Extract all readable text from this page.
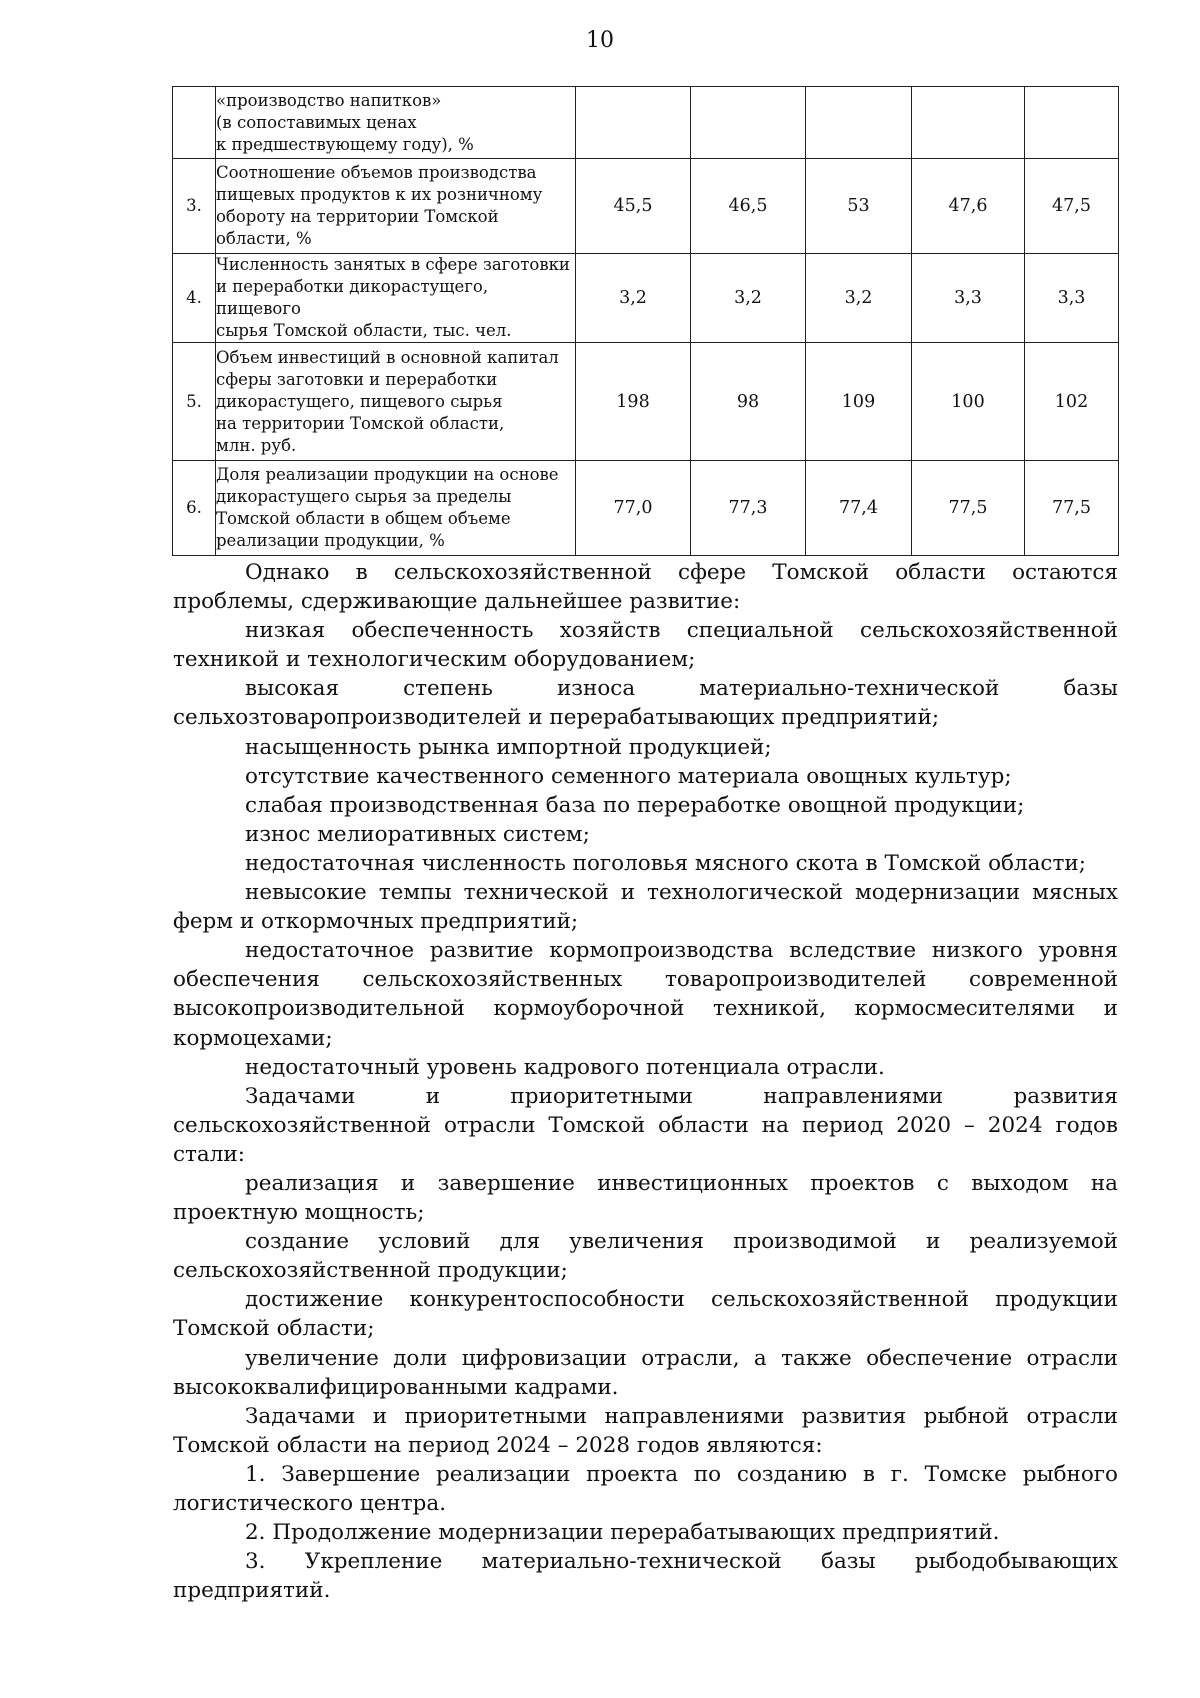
10
	«производство напитков»
(в сопоставимых ценах
к предшествующему году), %					
3.	Соотношение объемов производства
пищевых продуктов к их розничному
обороту на территории Томской
области, %	45,5	46,5	53	47,6	47,5
4.	Численность занятых в сфере заготовки
и переработки дикорастущего, пищевого
сырья Томской области, тыс. чел.	3,2	3,2	3,2	3,3	3,3
5.	Объем инвестиций в основной капитал
сферы заготовки и переработки
дикорастущего, пищевого сырья
на территории Томской области,
млн. руб.	198	98	109	100	102
6.	Доля реализации продукции на основе
дикорастущего сырья за пределы
Томской области в общем объеме
реализации продукции, %	77,0	77,3	77,4	77,5	77,5

Однако в сельскохозяйственной сфере Томской области остаются проблемы, сдерживающие дальнейшее развитие:

низкая обеспеченность хозяйств специальной сельскохозяйственной техникой и технологическим оборудованием;

высокая степень износа материально-технической базы сельхозтоваропроизводителей и перерабатывающих предприятий;

насыщенность рынка импортной продукцией;

отсутствие качественного семенного материала овощных культур;

слабая производственная база по переработке овощной продукции;

износ мелиоративных систем;

недостаточная численность поголовья мясного скота в Томской области;

невысокие темпы технической и технологической модернизации мясных ферм и откормочных предприятий;

недостаточное развитие кормопроизводства вследствие низкого уровня обеспечения сельскохозяйственных товаропроизводителей современной высокопроизводительной кормоуборочной техникой, кормосмесителями и кормоцехами;

недостаточный уровень кадрового потенциала отрасли.

Задачами и приоритетными направлениями развития сельскохозяйственной отрасли Томской области на период 2020 – 2024 годов стали:

реализация и завершение инвестиционных проектов с выходом на проектную мощность;

создание условий для увеличения производимой и реализуемой сельскохозяйственной продукции;

достижение конкурентоспособности сельскохозяйственной продукции Томской области;

увеличение доли цифровизации отрасли, а также обеспечение отрасли высококвалифицированными кадрами.

Задачами и приоритетными направлениями развития рыбной отрасли Томской области на период 2024 – 2028 годов являются:

1. Завершение реализации проекта по созданию в г. Томске рыбного логистического центра.

2. Продолжение модернизации перерабатывающих предприятий.

3. Укрепление материально-технической базы рыбодобывающих предприятий.
